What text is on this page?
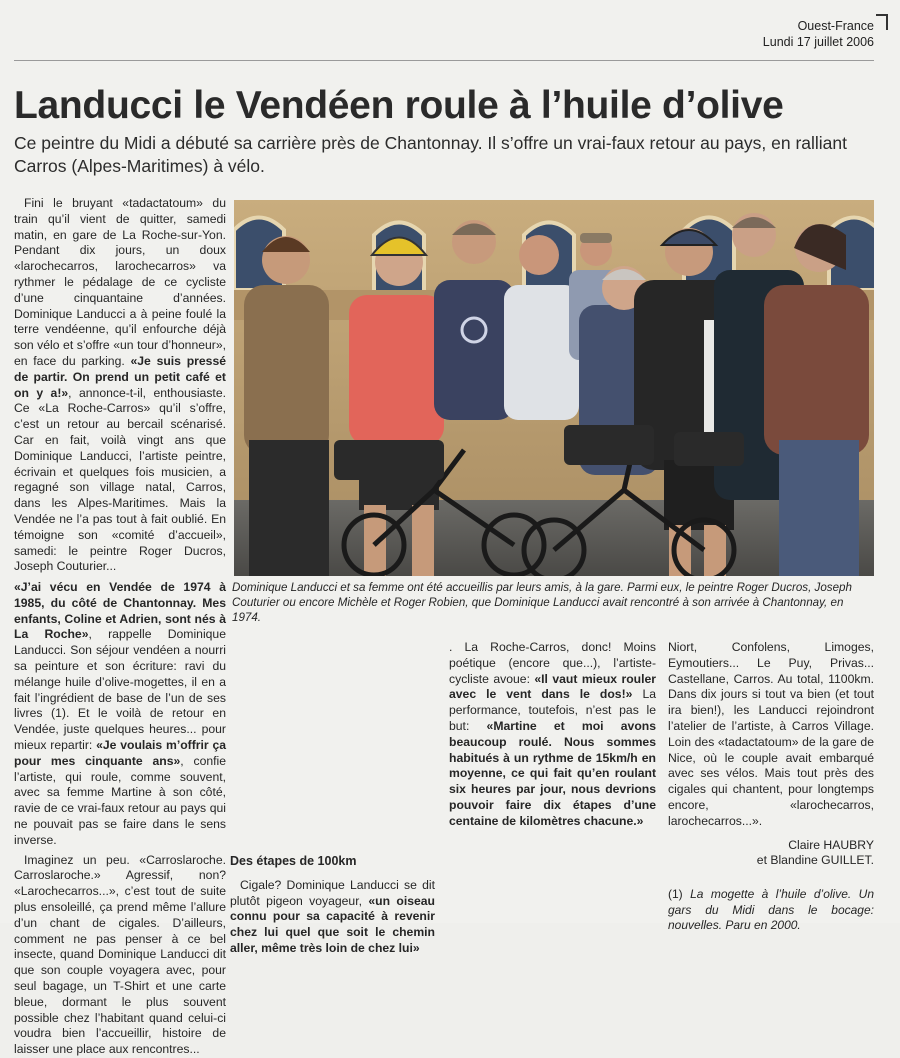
Ouest-France
Lundi 17 juillet 2006
Landucci le Vendéen roule à l’huile d’olive
Ce peintre du Midi a débuté sa carrière près de Chantonnay. Il s’offre un vrai-faux retour au pays, en ralliant Carros (Alpes-Maritimes) à vélo.

Fini le bruyant «tadactatoum» du train qu’il vient de quitter, samedi matin, en gare de La Roche-sur-Yon. Pendant dix jours, un doux «larochecarros, larochecarros» va rythmer le pédalage de ce cycliste d’une cinquantaine d’années. Dominique Landucci a à peine foulé la terre vendéenne, qu’il enfourche déjà son vélo et s’offre «un tour d’honneur», en face du parking. «Je suis pressé de partir. On prend un petit café et on y a!», annonce-t-il, enthousiaste. Ce «La Roche-Carros» qu’il s’offre, c’est un retour au bercail scénarisé. Car en fait, voilà vingt ans que Dominique Landucci, l’artiste peintre, écrivain et quelques fois musicien, a regagné son village natal, Carros, dans les Alpes-Maritimes. Mais la Vendée ne l’a pas tout à fait oublié. En témoigne son «comité d’accueil», samedi: le peintre Roger Ducros, Joseph Couturier...

«J’ai vécu en Vendée de 1974 à 1985, du côté de Chantonnay. Mes enfants, Coline et Adrien, sont nés à La Roche», rappelle Dominique Landucci. Son séjour vendéen a nourri sa peinture et son écriture: ravi du mélange huile d’olive-mogettes, il en a fait l’ingrédient de base de l’un de ses livres (1). Et le voilà de retour en Vendée, juste quelques heures... pour mieux repartir: «Je voulais m’offrir ça pour mes cinquante ans», confie l’artiste, qui roule, comme souvent, avec sa femme Martine à son côté, ravie de ce vrai-faux retour au pays qui ne pouvait pas se faire dans le sens inverse.

Imaginez un peu. «Carroslaroche. Carroslaroche.» Agressif, non? «Larochecarros...», c’est tout de suite plus ensoleillé, ça prend même l’allure d’un chant de cigales. D’ailleurs, comment ne pas penser à ce bel insecte, quand Dominique Landucci dit que son couple voyagera avec, pour seul bagage, un T-Shirt et une carte bleue, dormant le plus souvent possible chez l’habitant quand celui-ci voudra bien l’accueillir, histoire de laisser une place aux rencontres...

Dominique Landucci et sa femme ont été accueillis par leurs amis, à la gare. Parmi eux, le peintre Roger Ducros, Joseph Couturier ou encore Michèle et Roger Robien, que Dominique Landucci avait rencontré à son arrivée à Chantonnay, en 1974.
Des étapes de 100km

Cigale? Dominique Landucci se dit plutôt pigeon voyageur, «un oiseau connu pour sa capacité à revenir chez lui quel que soit le chemin aller, même très loin de chez lui»

. La Roche-Carros, donc! Moins poétique (encore que...), l’artiste-cycliste avoue: «Il vaut mieux rouler avec le vent dans le dos!» La performance, toutefois, n’est pas le but: «Martine et moi avons beaucoup roulé. Nous sommes habitués à un rythme de 15km/h en moyenne, ce qui fait qu’en roulant six heures par jour, nous devrions pouvoir faire dix étapes d’une centaine de kilomètres chacune.»

Niort, Confolens, Limoges, Eymoutiers... Le Puy, Privas... Castellane, Carros. Au total, 1100km. Dans dix jours si tout va bien (et tout ira bien!), les Landucci rejoindront l’atelier de l’artiste, à Carros Village. Loin des «tadactatoum» de la gare de Nice, où le couple avait embarqué avec ses vélos. Mais tout près des cigales qui chantent, pour longtemps encore, «larochecarros, larochecarros...».

Claire HAUBRY
et Blandine GUILLET.
(1) La mogette à l’huile d’olive. Un gars du Midi dans le bocage: nouvelles. Paru en 2000.
